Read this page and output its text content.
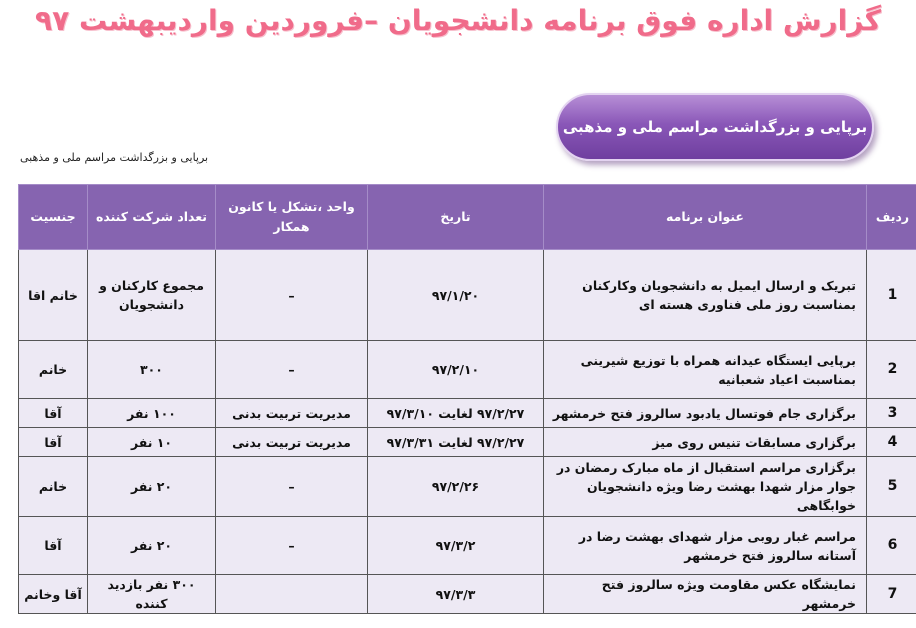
گزارش اداره فوق برنامه دانشجویان –فروردین واردیبهشت ۹۷
برپایی و بزرگداشت مراسم ملی و مذهبی
برپایی و بزرگداشت مراسم ملی و مذهبی
ردیف	عنوان برنامه	تاریخ	واحد ،تشکل یا کانون همکار	تعداد شرکت کننده	جنسیت
1	تبریک و ارسال ایمیل به دانشجویان وکارکنان بمناسبت روز ملی فناوری هسته ای	۹۷/۱/۲۰	–	مجموع کارکنان و دانشجویان	خانم اقا
2	برپایی ایستگاه عیدانه همراه با توزیع شیرینی بمناسبت اعیاد شعبانیه	۹۷/۲/۱۰	–	۳۰۰	خانم
3	برگزاری جام فوتسال یادبود سالروز فتح خرمشهر	۹۷/۲/۲۷ لغایت ۹۷/۳/۱۰	مدیریت تربیت بدنی	۱۰۰ نفر	آقا
4	برگزاری مسابقات تنیس روی میز	۹۷/۲/۲۷ لغایت ۹۷/۳/۳۱	مدیریت تربیت بدنی	۱۰ نفر	آقا
5	برگزاری مراسم استقبال از ماه مبارک رمضان در جوار مزار شهدا بهشت رضا ویژه دانشجویان خوابگاهی	۹۷/۲/۲۶	–	۲۰ نفر	خانم
6	مراسم غبار روبی مزار شهدای بهشت رضا در آستانه سالروز فتح خرمشهر	۹۷/۳/۲	–	۲۰ نفر	آقا
7	نمایشگاه عکس مقاومت ویژه سالروز فتح خرمشهر	۹۷/۳/۳		۳۰۰ نفر بازدید کننده	آقا وخانم
